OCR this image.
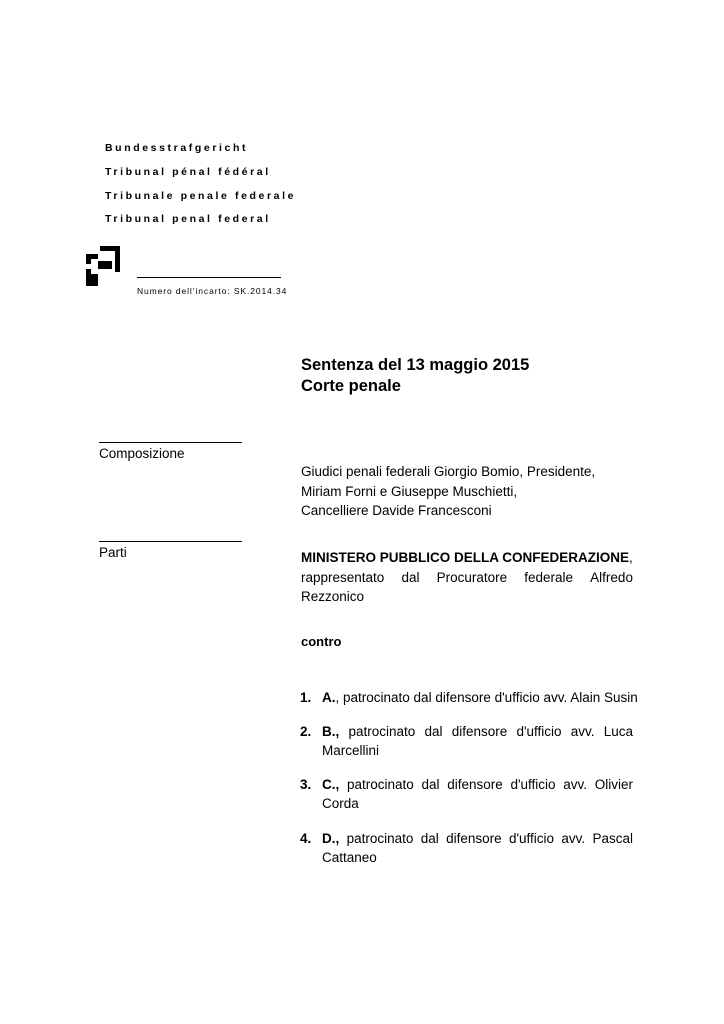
Bundesstrafgericht
Tribunal pénal fédéral
Tribunale penale federale
Tribunal penal federal
Numero dell’incarto: SK.2014.34
Sentenza del 13 maggio 2015
Corte penale
Composizione
Giudici penali federali Giorgio Bomio, Presidente,
Miriam Forni e Giuseppe Muschietti,
Cancelliere Davide Francesconi
Parti	MINISTERO PUBBLICO DELLA CONFEDERAZIONE,
rappresentato dal Procuratore federale Alfredo
Rezzonico
contro
1. A., patrocinato dal difensore d'ufficio avv. Alain Susin
2. B., patrocinato dal difensore d'ufficio avv. Luca
Marcellini
3. C., patrocinato dal difensore d'ufficio avv. Olivier
Corda
4. D., patrocinato dal difensore d'ufficio avv. Pascal
Cattaneo
